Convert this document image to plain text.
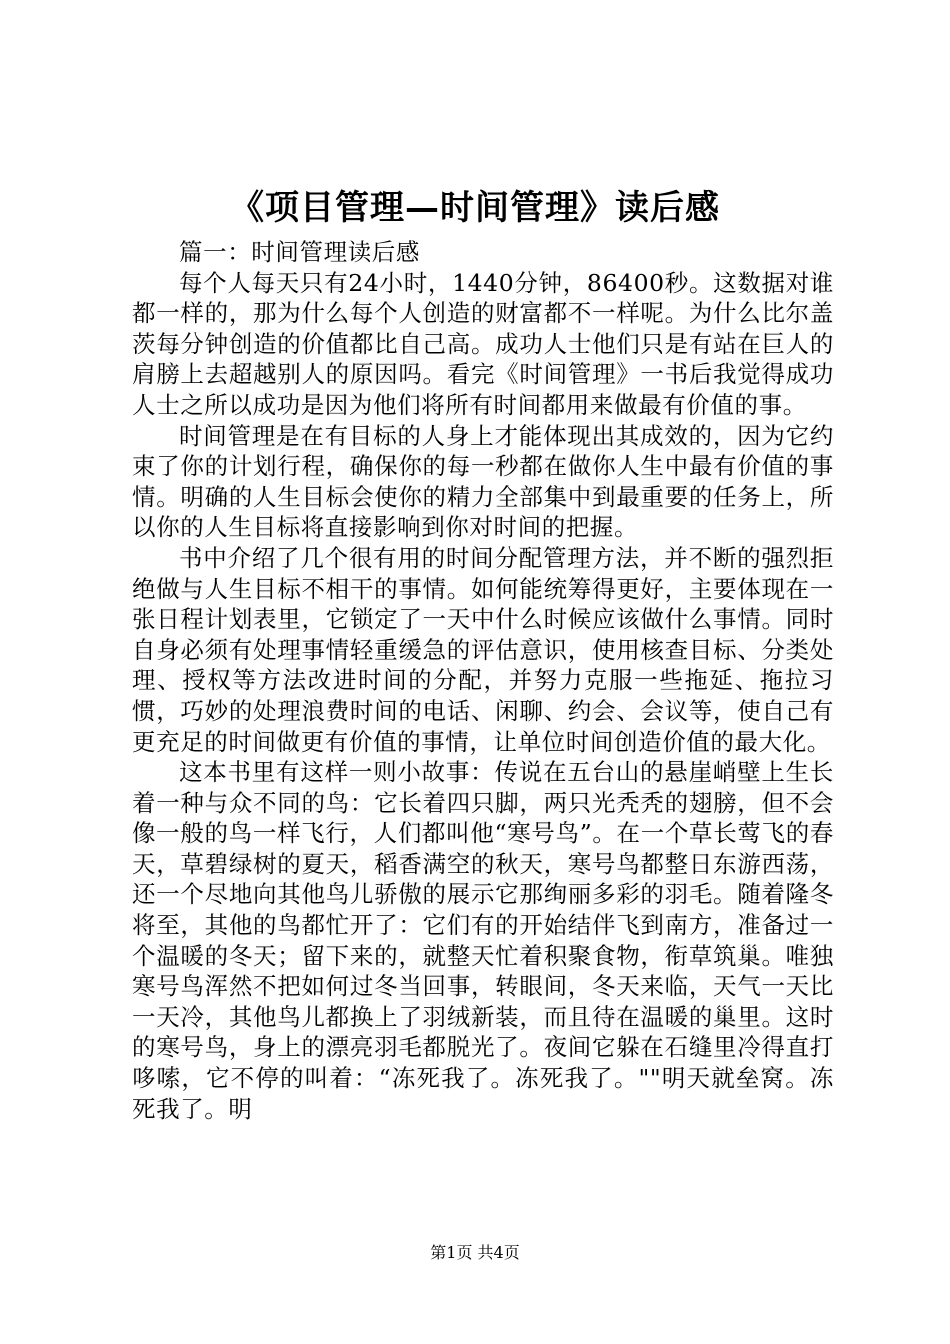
《项目管理—时间管理》读后感

篇一：时间管理读后感

每个人每天只有24小时，1440分钟，86400秒。这数据对谁都一样的，那为什么每个人创造的财富都不一样呢。为什么比尔盖茨每分钟创造的价值都比自己高。成功人士他们只是有站在巨人的肩膀上去超越别人的原因吗。看完《时间管理》一书后我觉得成功人士之所以成功是因为他们将所有时间都用来做最有价值的事。

时间管理是在有目标的人身上才能体现出其成效的，因为它约束了你的计划行程，确保你的每一秒都在做你人生中最有价值的事情。明确的人生目标会使你的精力全部集中到最重要的任务上，所以你的人生目标将直接影响到你对时间的把握。

书中介绍了几个很有用的时间分配管理方法，并不断的强烈拒绝做与人生目标不相干的事情。如何能统筹得更好，主要体现在一张日程计划表里，它锁定了一天中什么时候应该做什么事情。同时自身必须有处理事情轻重缓急的评估意识，使用核查目标、分类处理、授权等方法改进时间的分配，并努力克服一些拖延、拖拉习惯，巧妙的处理浪费时间的电话、闲聊、约会、会议等，使自己有更充足的时间做更有价值的事情，让单位时间创造价值的最大化。

这本书里有这样一则小故事：传说在五台山的悬崖峭壁上生长着一种与众不同的鸟：它长着四只脚，两只光秃秃的翅膀，但不会像一般的鸟一样飞行，人们都叫他“寒号鸟”。在一个草长莺飞的春天，草碧绿树的夏天，稻香满空的秋天，寒号鸟都整日东游西荡，还一个尽地向其他鸟儿骄傲的展示它那绚丽多彩的羽毛。随着隆冬将至，其他的鸟都忙开了：它们有的开始结伴飞到南方，准备过一个温暖的冬天；留下来的，就整天忙着积聚食物，衔草筑巢。唯独寒号鸟浑然不把如何过冬当回事，转眼间，冬天来临，天气一天比一天冷，其他鸟儿都换上了羽绒新装，而且待在温暖的巢里。这时的寒号鸟，身上的漂亮羽毛都脱光了。夜间它躲在石缝里冷得直打哆嗦，它不停的叫着：“冻死我了。冻死我了。""明天就垒窝。冻死我了。明

第1页 共4页
